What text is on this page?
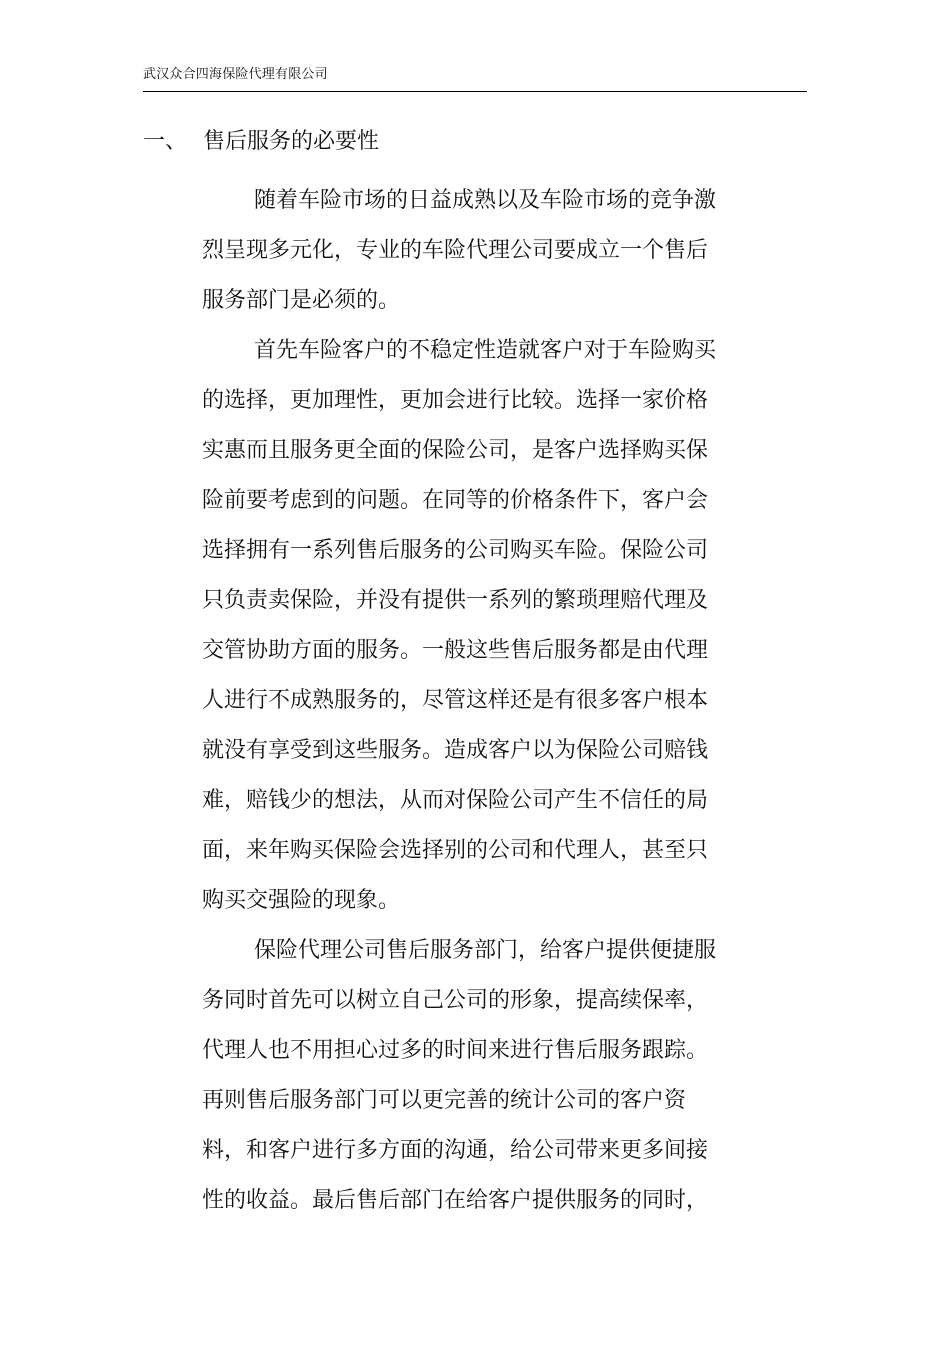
武汉众合四海保险代理有限公司
一、 售后服务的必要性

随着车险市场的日益成熟以及车险市场的竞争激
烈呈现多元化，专业的车险代理公司要成立一个售后
服务部门是必须的。

首先车险客户的不稳定性造就客户对于车险购买
的选择，更加理性，更加会进行比较。选择一家价格
实惠而且服务更全面的保险公司，是客户选择购买保
险前要考虑到的问题。在同等的价格条件下，客户会
选择拥有一系列售后服务的公司购买车险。保险公司
只负责卖保险，并没有提供一系列的繁琐理赔代理及
交管协助方面的服务。一般这些售后服务都是由代理
人进行不成熟服务的，尽管这样还是有很多客户根本
就没有享受到这些服务。造成客户以为保险公司赔钱
难，赔钱少的想法，从而对保险公司产生不信任的局
面，来年购买保险会选择别的公司和代理人，甚至只
购买交强险的现象。

保险代理公司售后服务部门，给客户提供便捷服
务同时首先可以树立自己公司的形象，提高续保率，
代理人也不用担心过多的时间来进行售后服务跟踪。
再则售后服务部门可以更完善的统计公司的客户资
料，和客户进行多方面的沟通，给公司带来更多间接
性的收益。最后售后部门在给客户提供服务的同时，
